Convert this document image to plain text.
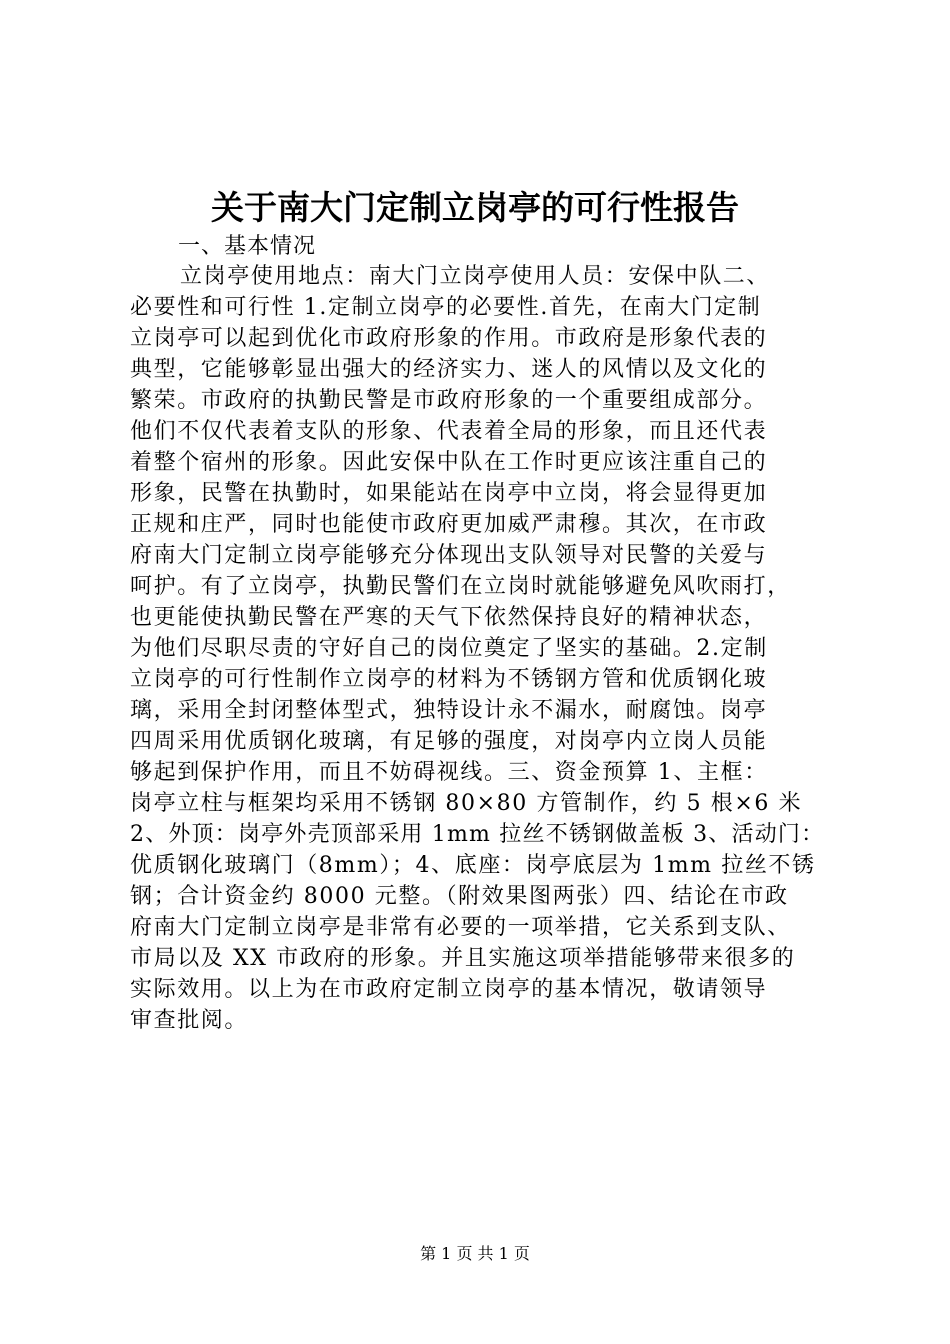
关于南大门定制立岗亭的可行性报告

一、基本情况

立岗亭使用地点：南大门立岗亭使用人员：安保中队二、
必要性和可行性 1.定制立岗亭的必要性.首先，在南大门定制
立岗亭可以起到优化市政府形象的作用。市政府是形象代表的
典型，它能够彰显出强大的经济实力、迷人的风情以及文化的
繁荣。市政府的执勤民警是市政府形象的一个重要组成部分。
他们不仅代表着支队的形象、代表着全局的形象，而且还代表
着整个宿州的形象。因此安保中队在工作时更应该注重自己的
形象，民警在执勤时，如果能站在岗亭中立岗，将会显得更加
正规和庄严，同时也能使市政府更加威严肃穆。其次，在市政
府南大门定制立岗亭能够充分体现出支队领导对民警的关爱与
呵护。有了立岗亭，执勤民警们在立岗时就能够避免风吹雨打，
也更能使执勤民警在严寒的天气下依然保持良好的精神状态，
为他们尽职尽责的守好自己的岗位奠定了坚实的基础。2.定制
立岗亭的可行性制作立岗亭的材料为不锈钢方管和优质钢化玻
璃，采用全封闭整体型式，独特设计永不漏水，耐腐蚀。岗亭
四周采用优质钢化玻璃，有足够的强度，对岗亭内立岗人员能
够起到保护作用，而且不妨碍视线。三、资金预算 1、主框：
岗亭立柱与框架均采用不锈钢 80×80 方管制作，约 5 根×6 米
2、外顶：岗亭外壳顶部采用 1mm 拉丝不锈钢做盖板 3、活动门：
优质钢化玻璃门（8mm）；4、底座：岗亭底层为 1mm 拉丝不锈
钢；合计资金约 8000 元整。（附效果图两张）四、结论在市政
府南大门定制立岗亭是非常有必要的一项举措，它关系到支队、
市局以及 XX 市政府的形象。并且实施这项举措能够带来很多的
实际效用。以上为在市政府定制立岗亭的基本情况，敬请领导
审查批阅。
第 1 页 共 1 页
